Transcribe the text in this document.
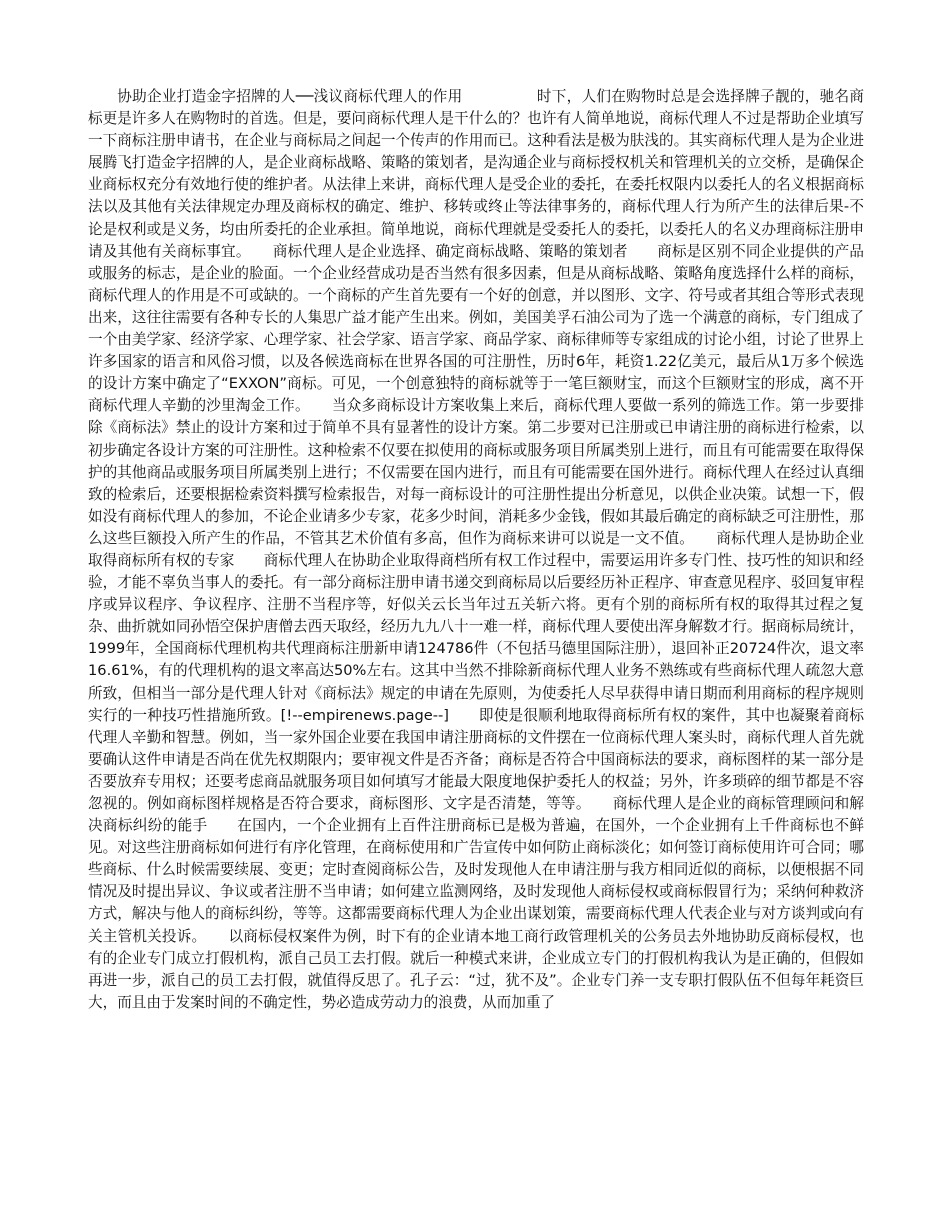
协助企业打造金字招牌的人──浅议商标代理人的作用　　　　　时下，人们在购物时总是会选择牌子靓的，驰名商标更是许多人在购物时的首选。但是，要问商标代理人是干什么的？也许有人简单地说，商标代理人不过是帮助企业填写一下商标注册申请书，在企业与商标局之间起一个传声的作用而已。这种看法是极为肤浅的。其实商标代理人是为企业进展腾飞打造金字招牌的人，是企业商标战略、策略的策划者，是沟通企业与商标授权机关和管理机关的立交桥，是确保企业商标权充分有效地行使的维护者。从法律上来讲，商标代理人是受企业的委托，在委托权限内以委托人的名义根据商标法以及其他有关法律规定办理及商标权的确定、维护、移转或终止等法律事务的，商标代理人行为所产生的法律后果-不论是权利或是义务，均由所委托的企业承担。简单地说，商标代理就是受委托人的委托，以委托人的名义办理商标注册申请及其他有关商标事宜。　　商标代理人是企业选择、确定商标战略、策略的策划者　　商标是区别不同企业提供的产品或服务的标志，是企业的脸面。一个企业经营成功是否当然有很多因素，但是从商标战略、策略角度选择什么样的商标，商标代理人的作用是不可或缺的。一个商标的产生首先要有一个好的创意，并以图形、文字、符号或者其组合等形式表现出来，这往往需要有各种专长的人集思广益才能产生出来。例如，美国美孚石油公司为了选一个满意的商标，专门组成了一个由美学家、经济学家、心理学家、社会学家、语言学家、商品学家、商标律师等专家组成的讨论小组，讨论了世界上许多国家的语言和风俗习惯，以及各候选商标在世界各国的可注册性，历时6年，耗资1.22亿美元，最后从1万多个候选的设计方案中确定了“EXXON”商标。可见，一个创意独特的商标就等于一笔巨额财宝，而这个巨额财宝的形成，离不开商标代理人辛勤的沙里淘金工作。　　当众多商标设计方案收集上来后，商标代理人要做一系列的筛选工作。第一步要排除《商标法》禁止的设计方案和过于简单不具有显著性的设计方案。第二步要对已注册或已申请注册的商标进行检索，以初步确定各设计方案的可注册性。这种检索不仅要在拟使用的商标或服务项目所属类别上进行，而且有可能需要在取得保护的其他商品或服务项目所属类别上进行；不仅需要在国内进行，而且有可能需要在国外进行。商标代理人在经过认真细致的检索后，还要根据检索资料撰写检索报告，对每一商标设计的可注册性提出分析意见，以供企业决策。试想一下，假如没有商标代理人的参加，不论企业请多少专家，花多少时间，消耗多少金钱，假如其最后确定的商标缺乏可注册性，那么这些巨额投入所产生的作品，不管其艺术价值有多高，但作为商标来讲可以说是一文不值。　　商标代理人是协助企业取得商标所有权的专家　　商标代理人在协助企业取得商档所有权工作过程中，需要运用许多专门性、技巧性的知识和经验，才能不辜负当事人的委托。有一部分商标注册申请书递交到商标局以后要经历补正程序、审查意见程序、驳回复审程序或异议程序、争议程序、注册不当程序等，好似关云长当年过五关斩六将。更有个别的商标所有权的取得其过程之复杂、曲折就如同孙悟空保护唐僧去西天取经，经历九九八十一难一样，商标代理人要使出浑身解数才行。据商标局统计，1999年，全国商标代理机构共代理商标注册新申请124786件（不包括马德里国际注册），退回补正20724件次，退文率16.61%，有的代理机构的退文率高达50%左右。这其中当然不排除新商标代理人业务不熟练或有些商标代理人疏忽大意所致，但相当一部分是代理人针对《商标法》规定的申请在先原则，为使委托人尽早获得申请日期而利用商标的程序规则实行的一种技巧性措施所致。[!--empirenews.page--]　　即使是很顺利地取得商标所有权的案件，其中也凝聚着商标代理人辛勤和智慧。例如，当一家外国企业要在我国申请注册商标的文件摆在一位商标代理人案头时，商标代理人首先就要确认这件申请是否尚在优先权期限内；要审视文件是否齐备；商标是否符合中国商标法的要求，商标图样的某一部分是否要放弃专用权；还要考虑商品就服务项目如何填写才能最大限度地保护委托人的权益；另外，许多琐碎的细节都是不容忽视的。例如商标图样规格是否符合要求，商标图形、文字是否清楚，等等。　　商标代理人是企业的商标管理顾问和解决商标纠纷的能手　　在国内，一个企业拥有上百件注册商标已是极为普遍，在国外，一个企业拥有上千件商标也不鲜见。对这些注册商标如何进行有序化管理，在商标使用和广告宣传中如何防止商标淡化；如何签订商标使用许可合同；哪些商标、什么时候需要续展、变更；定时查阅商标公告，及时发现他人在申请注册与我方相同近似的商标，以便根据不同情况及时提出异议、争议或者注册不当申请；如何建立监测网络，及时发现他人商标侵权或商标假冒行为；采纳何种救济方式，解决与他人的商标纠纷，等等。这都需要商标代理人为企业出谋划策，需要商标代理人代表企业与对方谈判或向有关主管机关投诉。　　以商标侵权案件为例，时下有的企业请本地工商行政管理机关的公务员去外地协助反商标侵权，也有的企业专门成立打假机构，派自己员工去打假。就后一种模式来讲，企业成立专门的打假机构我认为是正确的，但假如再进一步，派自己的员工去打假，就值得反思了。孔子云：“过，犹不及”。企业专门养一支专职打假队伍不但每年耗资巨大，而且由于发案时间的不确定性，势必造成劳动力的浪费，从而加重了
